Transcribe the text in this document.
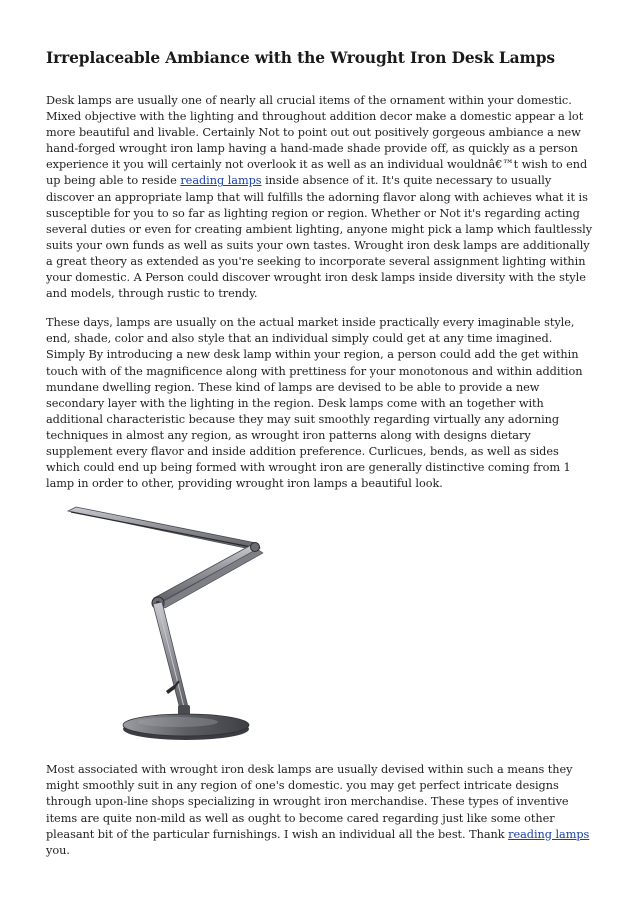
Irreplaceable Ambiance with the Wrought Iron Desk Lamps

Desk lamps are usually one of nearly all crucial items of the ornament within your domestic. Mixed objective with the lighting and throughout addition decor make a domestic appear a lot more beautiful and livable. Certainly Not to point out out positively gorgeous ambiance a new hand-forged wrought iron lamp having a hand-made shade provide off, as quickly as a person experience it you will certainly not overlook it as well as an individual wouldnâ€™t wish to end up being able to reside reading lamps inside absence of it. It's quite necessary to usually discover an appropriate lamp that will fulfills the adorning flavor along with achieves what it is susceptible for you to so far as lighting region or region. Whether or Not it's regarding acting several duties or even for creating ambient lighting, anyone might pick a lamp which faultlessly suits your own funds as well as suits your own tastes. Wrought iron desk lamps are additionally a great theory as extended as you're seeking to incorporate several assignment lighting within your domestic. A Person could discover wrought iron desk lamps inside diversity with the style and models, through rustic to trendy.

These days, lamps are usually on the actual market inside practically every imaginable style, end, shade, color and also style that an individual simply could get at any time imagined. Simply By introducing a new desk lamp within your region, a person could add the get within touch with of the magnificence along with prettiness for your monotonous and within addition mundane dwelling region. These kind of lamps are devised to be able to provide a new secondary layer with the lighting in the region. Desk lamps come with an together with additional characteristic because they may suit smoothly regarding virtually any adorning techniques in almost any region, as wrought iron patterns along with designs dietary supplement every flavor and inside addition preference. Curlicues, bends, as well as sides which could end up being formed with wrought iron are generally distinctive coming from 1 lamp in order to other, providing wrought iron lamps a beautiful look.

Most associated with wrought iron desk lamps are usually devised within such a means they might smoothly suit in any region of one's domestic. you may get perfect intricate designs through upon-line shops specializing in wrought iron merchandise. These types of inventive items are quite non-mild as well as ought to become cared regarding just like some other pleasant bit of the particular furnishings. I wish an individual all the best. Thank reading lamps you.
